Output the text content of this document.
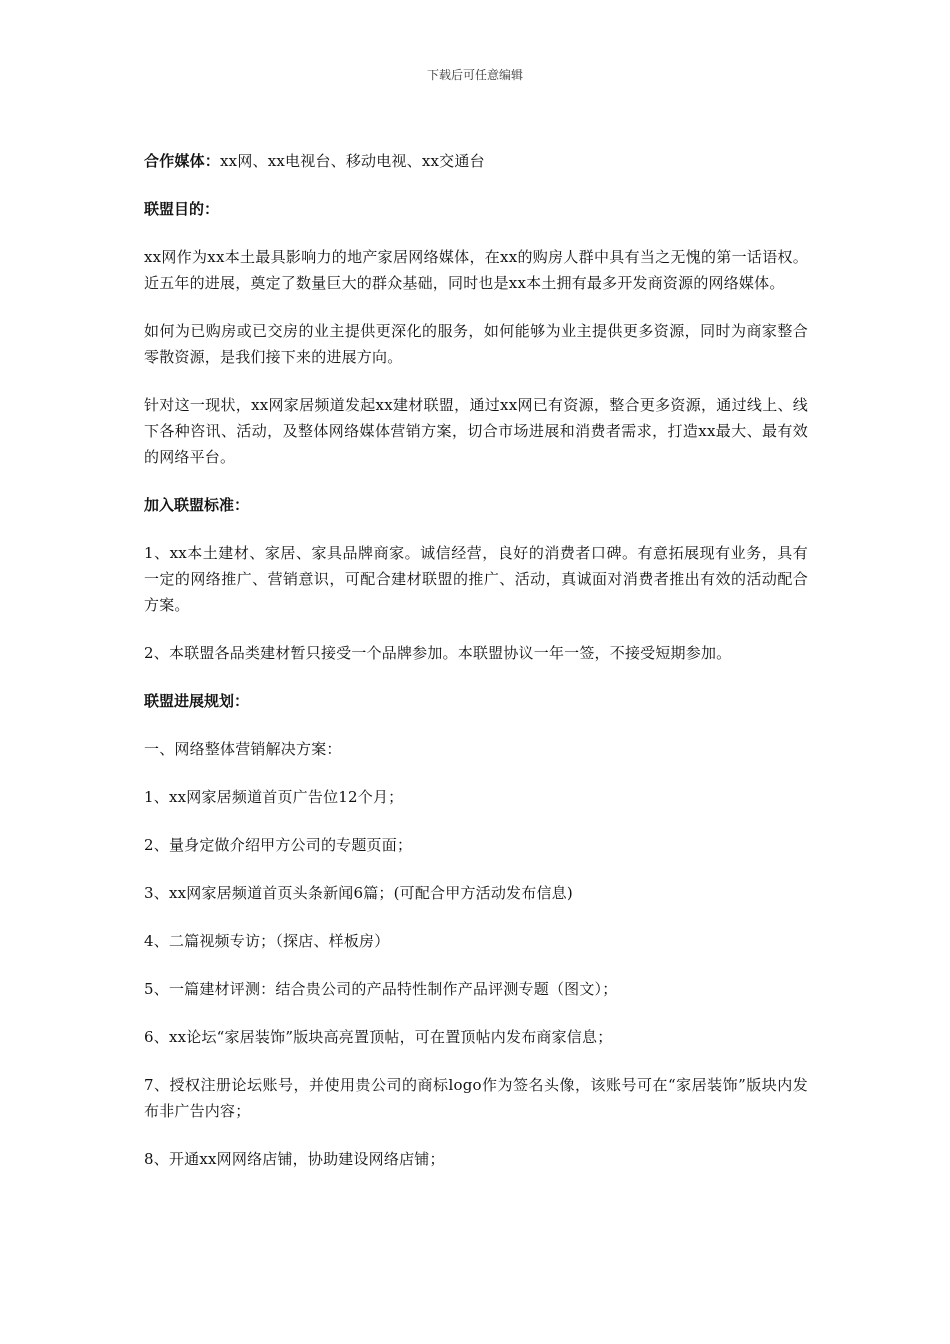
下载后可任意编辑

合作媒体：xx网、xx电视台、移动电视、xx交通台

联盟目的：

xx网作为xx本土最具影响力的地产家居网络媒体，在xx的购房人群中具有当之无愧的第一话语权。近五年的进展，奠定了数量巨大的群众基础，同时也是xx本土拥有最多开发商资源的网络媒体。

如何为已购房或已交房的业主提供更深化的服务，如何能够为业主提供更多资源，同时为商家整合零散资源，是我们接下来的进展方向。

针对这一现状，xx网家居频道发起xx建材联盟，通过xx网已有资源，整合更多资源，通过线上、线下各种咨讯、活动，及整体网络媒体营销方案，切合市场进展和消费者需求，打造xx最大、最有效的网络平台。

加入联盟标准：

1、xx本土建材、家居、家具品牌商家。诚信经营，良好的消费者口碑。有意拓展现有业务，具有一定的网络推广、营销意识，可配合建材联盟的推广、活动，真诚面对消费者推出有效的活动配合方案。

2、本联盟各品类建材暂只接受一个品牌参加。本联盟协议一年一签，不接受短期参加。

联盟进展规划：

一、网络整体营销解决方案：

1、xx网家居频道首页广告位12个月；

2、量身定做介绍甲方公司的专题页面；

3、xx网家居频道首页头条新闻6篇；(可配合甲方活动发布信息)

4、二篇视频专访；（探店、样板房）

5、一篇建材评测：结合贵公司的产品特性制作产品评测专题（图文）；

6、xx论坛“家居装饰”版块高亮置顶帖，可在置顶帖内发布商家信息；

7、授权注册论坛账号，并使用贵公司的商标logo作为签名头像，该账号可在“家居装饰”版块内发布非广告内容；

8、开通xx网网络店铺，协助建设网络店铺；
